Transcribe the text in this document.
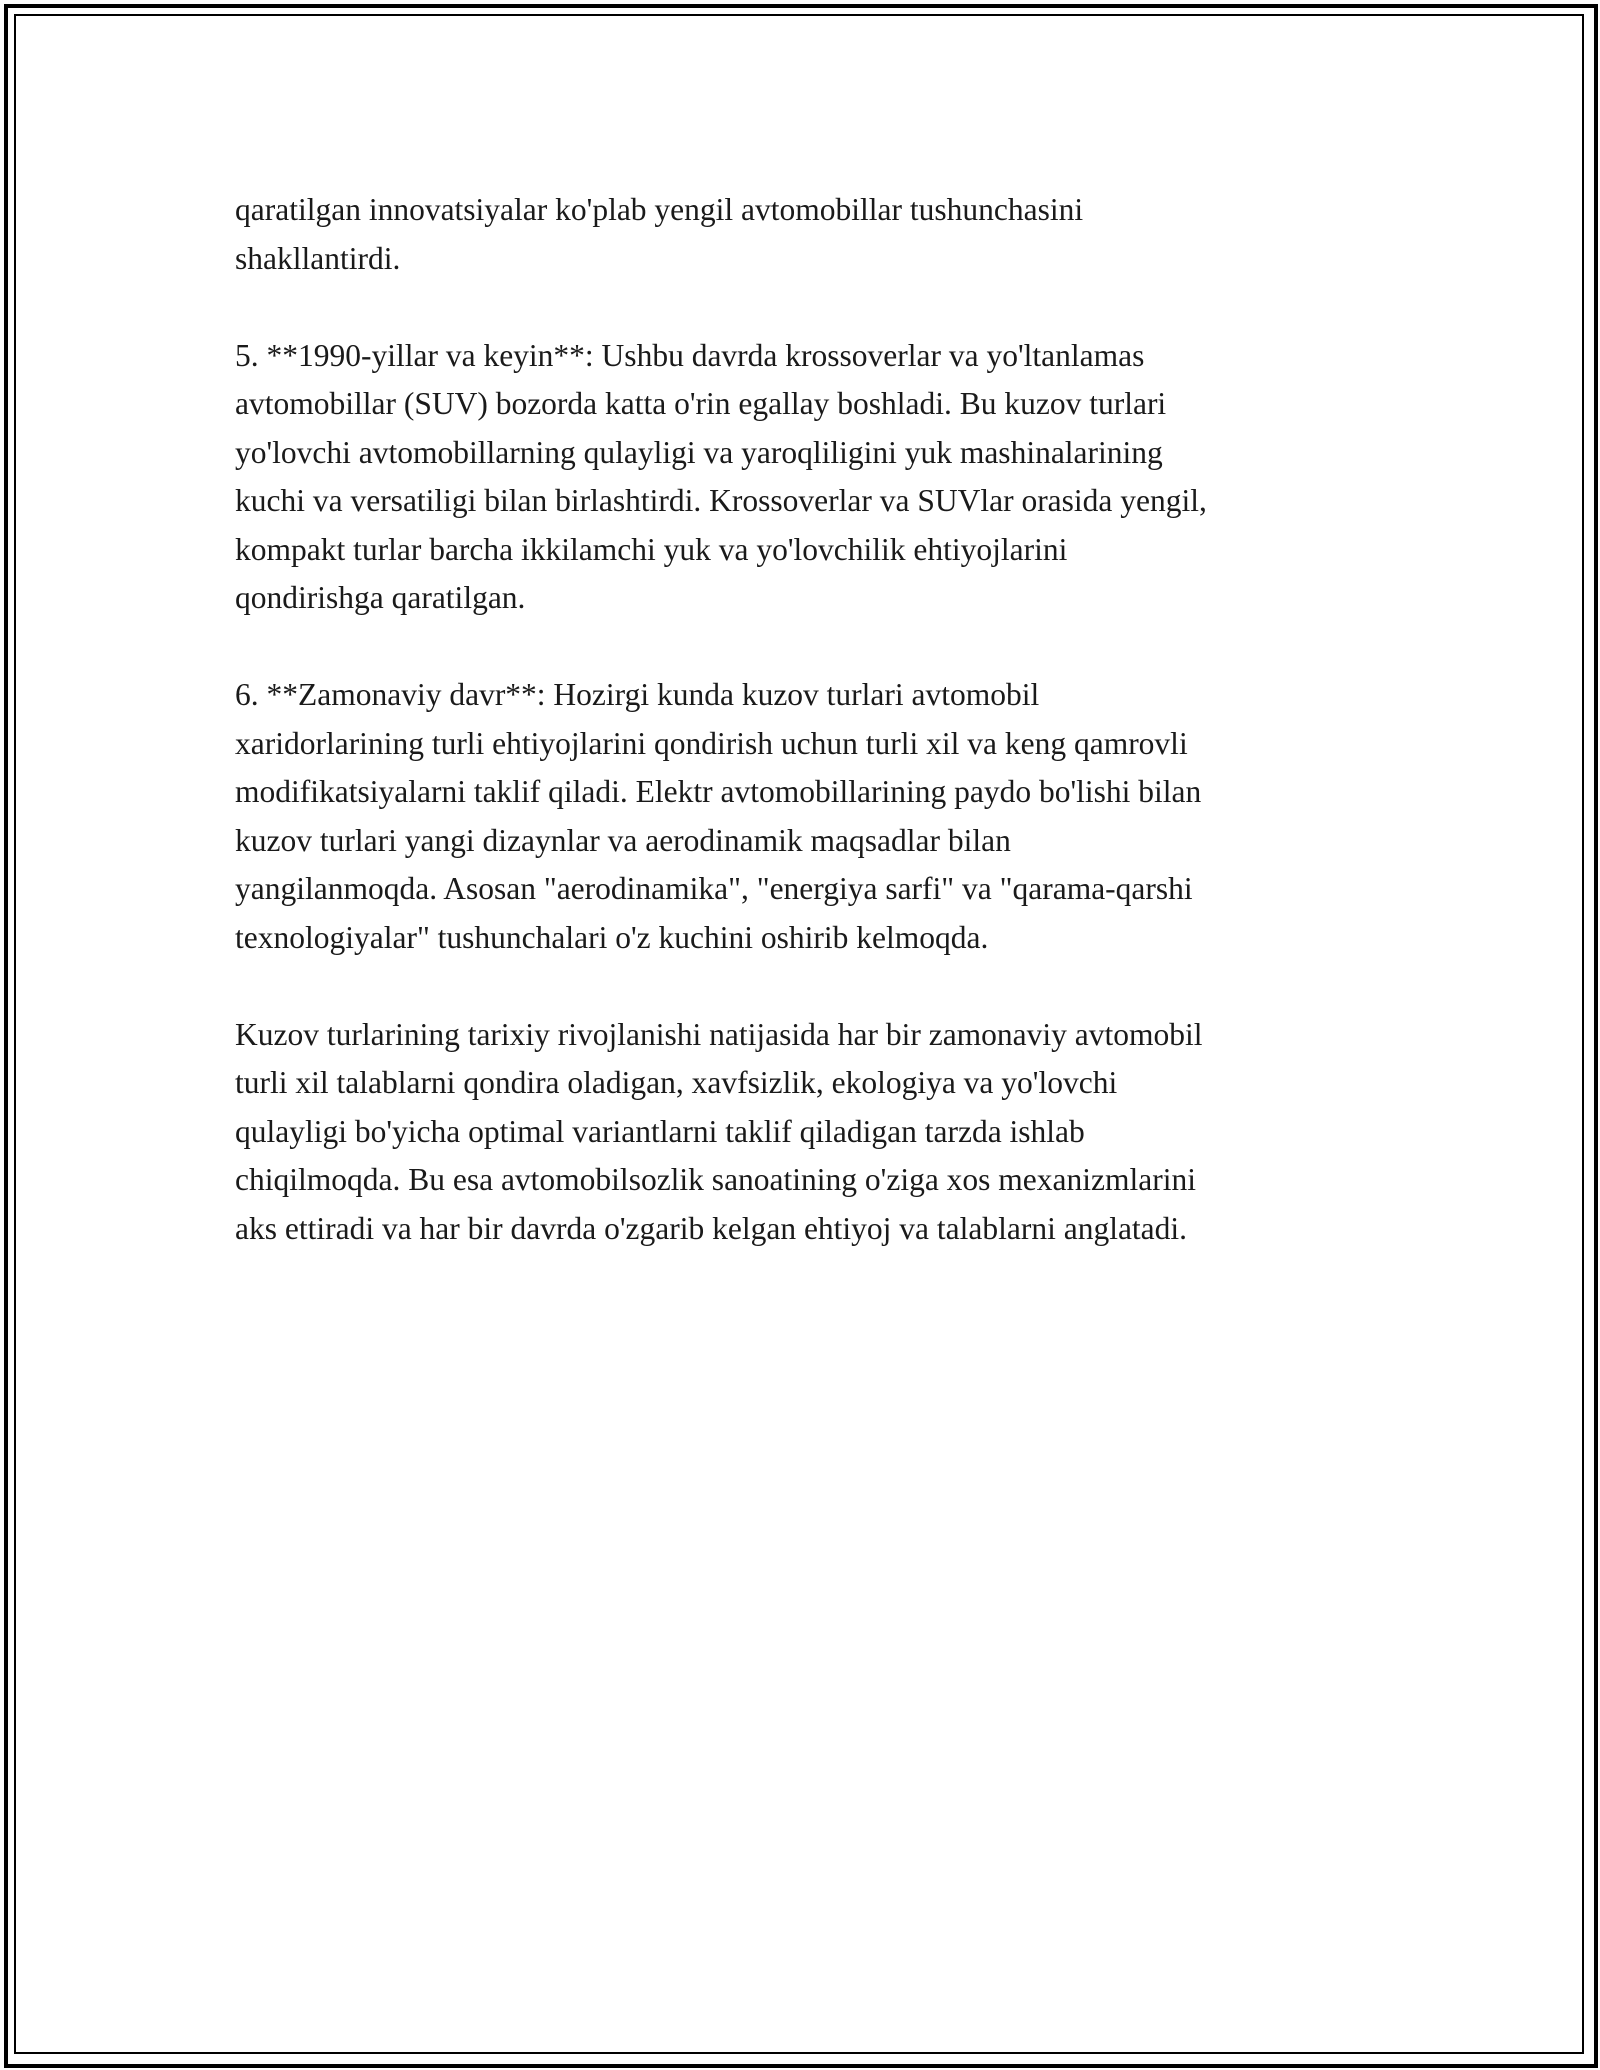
qaratilgan innovatsiyalar ko'plab yengil avtomobillar tushunchasini
shakllantirdi.

5. **1990-yillar va keyin**: Ushbu davrda krossoverlar va yo'ltanlamas
avtomobillar (SUV) bozorda katta o'rin egallay boshladi. Bu kuzov turlari
yo'lovchi avtomobillarning qulayligi va yaroqliligini yuk mashinalarining
kuchi va versatiligi bilan birlashtirdi. Krossoverlar va SUVlar orasida yengil,
kompakt turlar barcha ikkilamchi yuk va yo'lovchilik ehtiyojlarini
qondirishga qaratilgan.

6. **Zamonaviy davr**: Hozirgi kunda kuzov turlari avtomobil
xaridorlarining turli ehtiyojlarini qondirish uchun turli xil va keng qamrovli
modifikatsiyalarni taklif qiladi. Elektr avtomobillarining paydo bo'lishi bilan
kuzov turlari yangi dizaynlar va aerodinamik maqsadlar bilan
yangilanmoqda. Asosan "aerodinamika", "energiya sarfi" va "qarama-qarshi
texnologiyalar" tushunchalari o'z kuchini oshirib kelmoqda.

Kuzov turlarining tarixiy rivojlanishi natijasida har bir zamonaviy avtomobil
turli xil talablarni qondira oladigan, xavfsizlik, ekologiya va yo'lovchi
qulayligi bo'yicha optimal variantlarni taklif qiladigan tarzda ishlab
chiqilmoqda. Bu esa avtomobilsozlik sanoatining o'ziga xos mexanizmlarini
aks ettiradi va har bir davrda o'zgarib kelgan ehtiyoj va talablarni anglatadi.
